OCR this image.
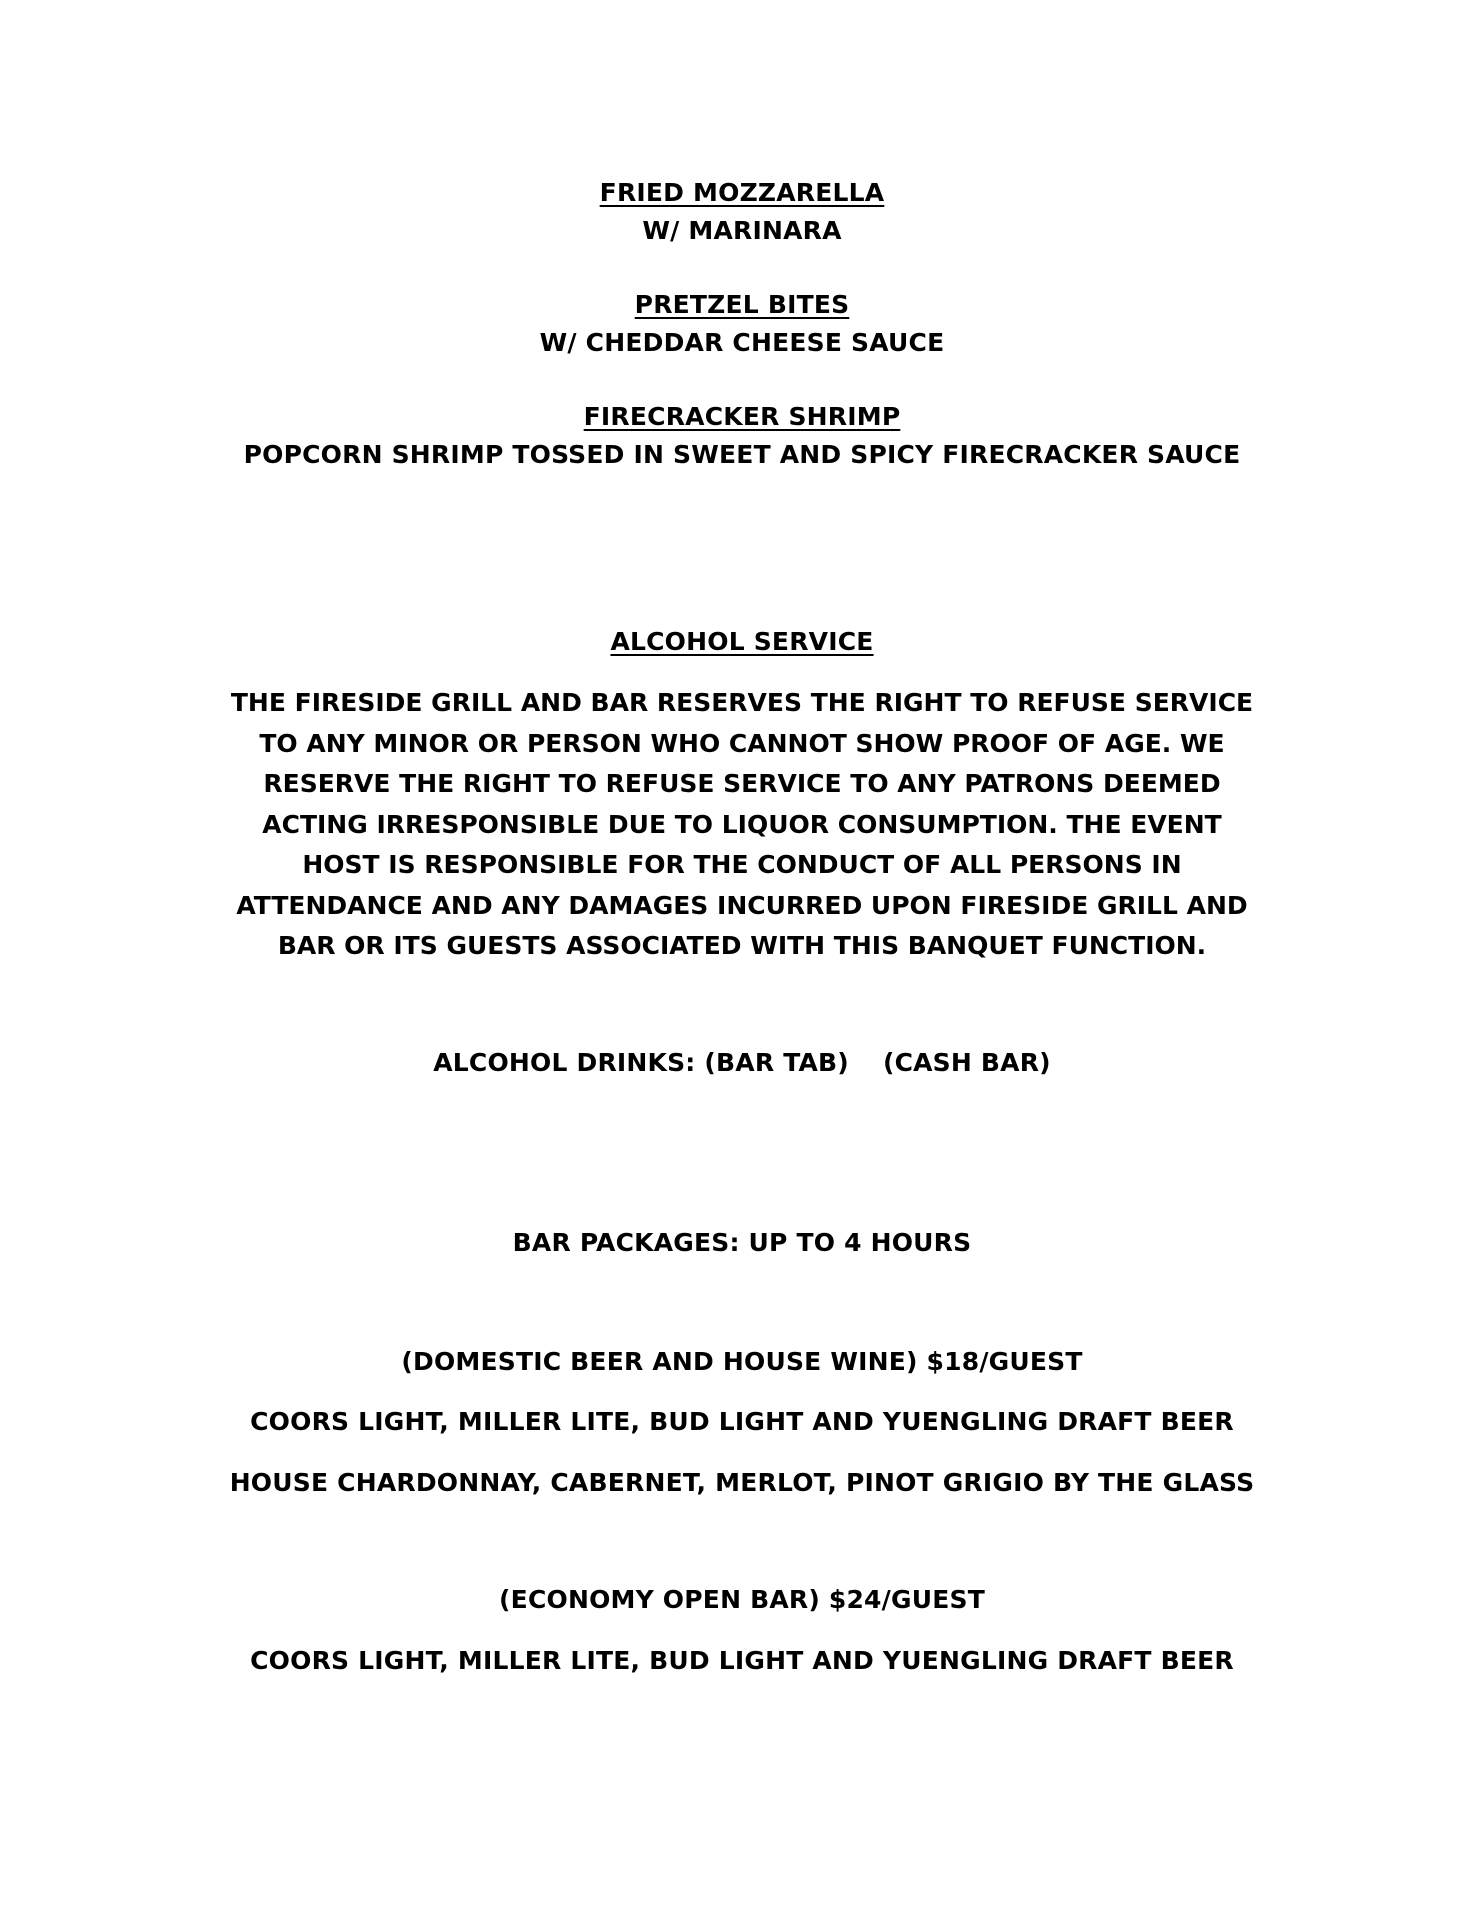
FRIED MOZZARELLA
W/ MARINARA
PRETZEL BITES
W/ CHEDDAR CHEESE SAUCE
FIRECRACKER SHRIMP
POPCORN SHRIMP TOSSED IN SWEET AND SPICY FIRECRACKER SAUCE
ALCOHOL SERVICE
THE FIRESIDE GRILL AND BAR RESERVES THE RIGHT TO REFUSE SERVICE
TO ANY MINOR OR PERSON WHO CANNOT SHOW PROOF OF AGE. WE
RESERVE THE RIGHT TO REFUSE SERVICE TO ANY PATRONS DEEMED
ACTING IRRESPONSIBLE DUE TO LIQUOR CONSUMPTION. THE EVENT
HOST IS RESPONSIBLE FOR THE CONDUCT OF ALL PERSONS IN
ATTENDANCE AND ANY DAMAGES INCURRED UPON FIRESIDE GRILL AND
BAR OR ITS GUESTS ASSOCIATED WITH THIS BANQUET FUNCTION.
ALCOHOL DRINKS: (BAR TAB) (CASH BAR)
BAR PACKAGES: UP TO 4 HOURS
(DOMESTIC BEER AND HOUSE WINE) $18/GUEST
COORS LIGHT, MILLER LITE, BUD LIGHT AND YUENGLING DRAFT BEER
HOUSE CHARDONNAY, CABERNET, MERLOT, PINOT GRIGIO BY THE GLASS
(ECONOMY OPEN BAR) $24/GUEST
COORS LIGHT, MILLER LITE, BUD LIGHT AND YUENGLING DRAFT BEER
